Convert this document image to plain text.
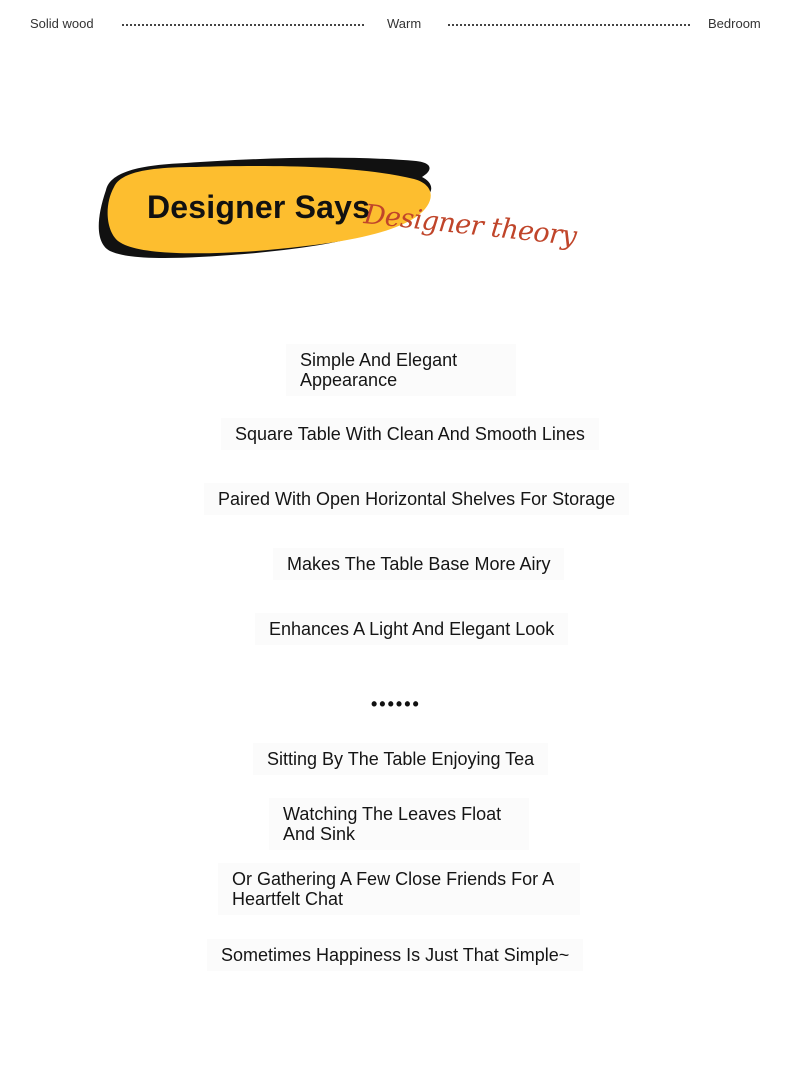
Solid wood	Warm	Bedroom
Designer Says
Designer theory
Simple And Elegant Appearance
Square Table With Clean And Smooth Lines
Paired With Open Horizontal Shelves For Storage
Makes The Table Base More Airy
Enhances A Light And Elegant Look
••••••
Sitting By The Table Enjoying Tea
Watching The Leaves Float And Sink
Or Gathering A Few Close Friends For A Heartfelt Chat
Sometimes Happiness Is Just That Simple~
